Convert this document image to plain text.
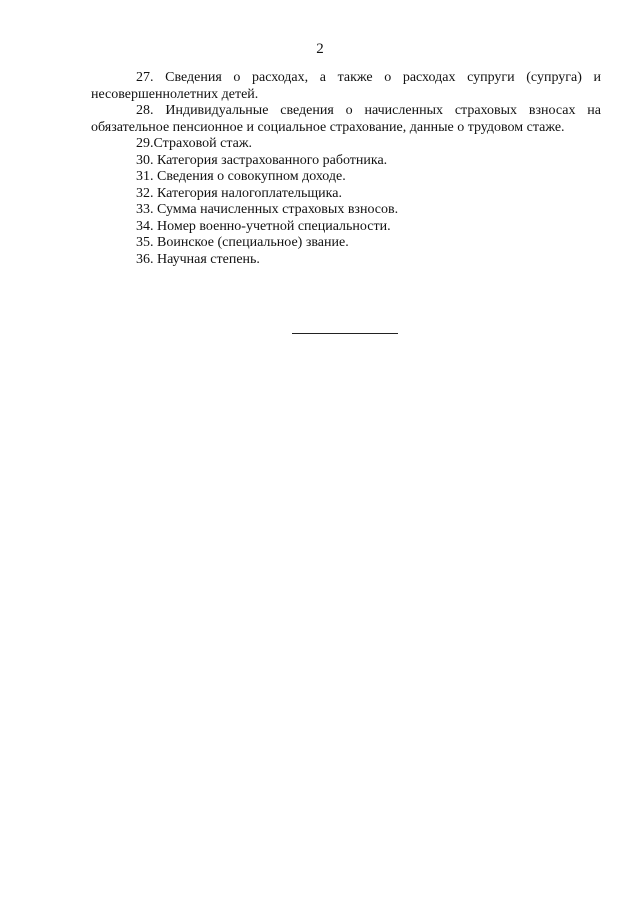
2

27. Сведения о расходах, а также о расходах супруги (супруга) и несовершеннолетних детей.

28. Индивидуальные сведения о начисленных страховых взносах на обязательное пенсионное и социальное страхование, данные о трудовом стаже.

29.Страховой стаж.

30. Категория застрахованного работника.

31. Сведения о совокупном доходе.

32. Категория налогоплательщика.

33. Сумма начисленных страховых взносов.

34. Номер военно-учетной специальности.

35. Воинское (специальное) звание.

36. Научная степень.
